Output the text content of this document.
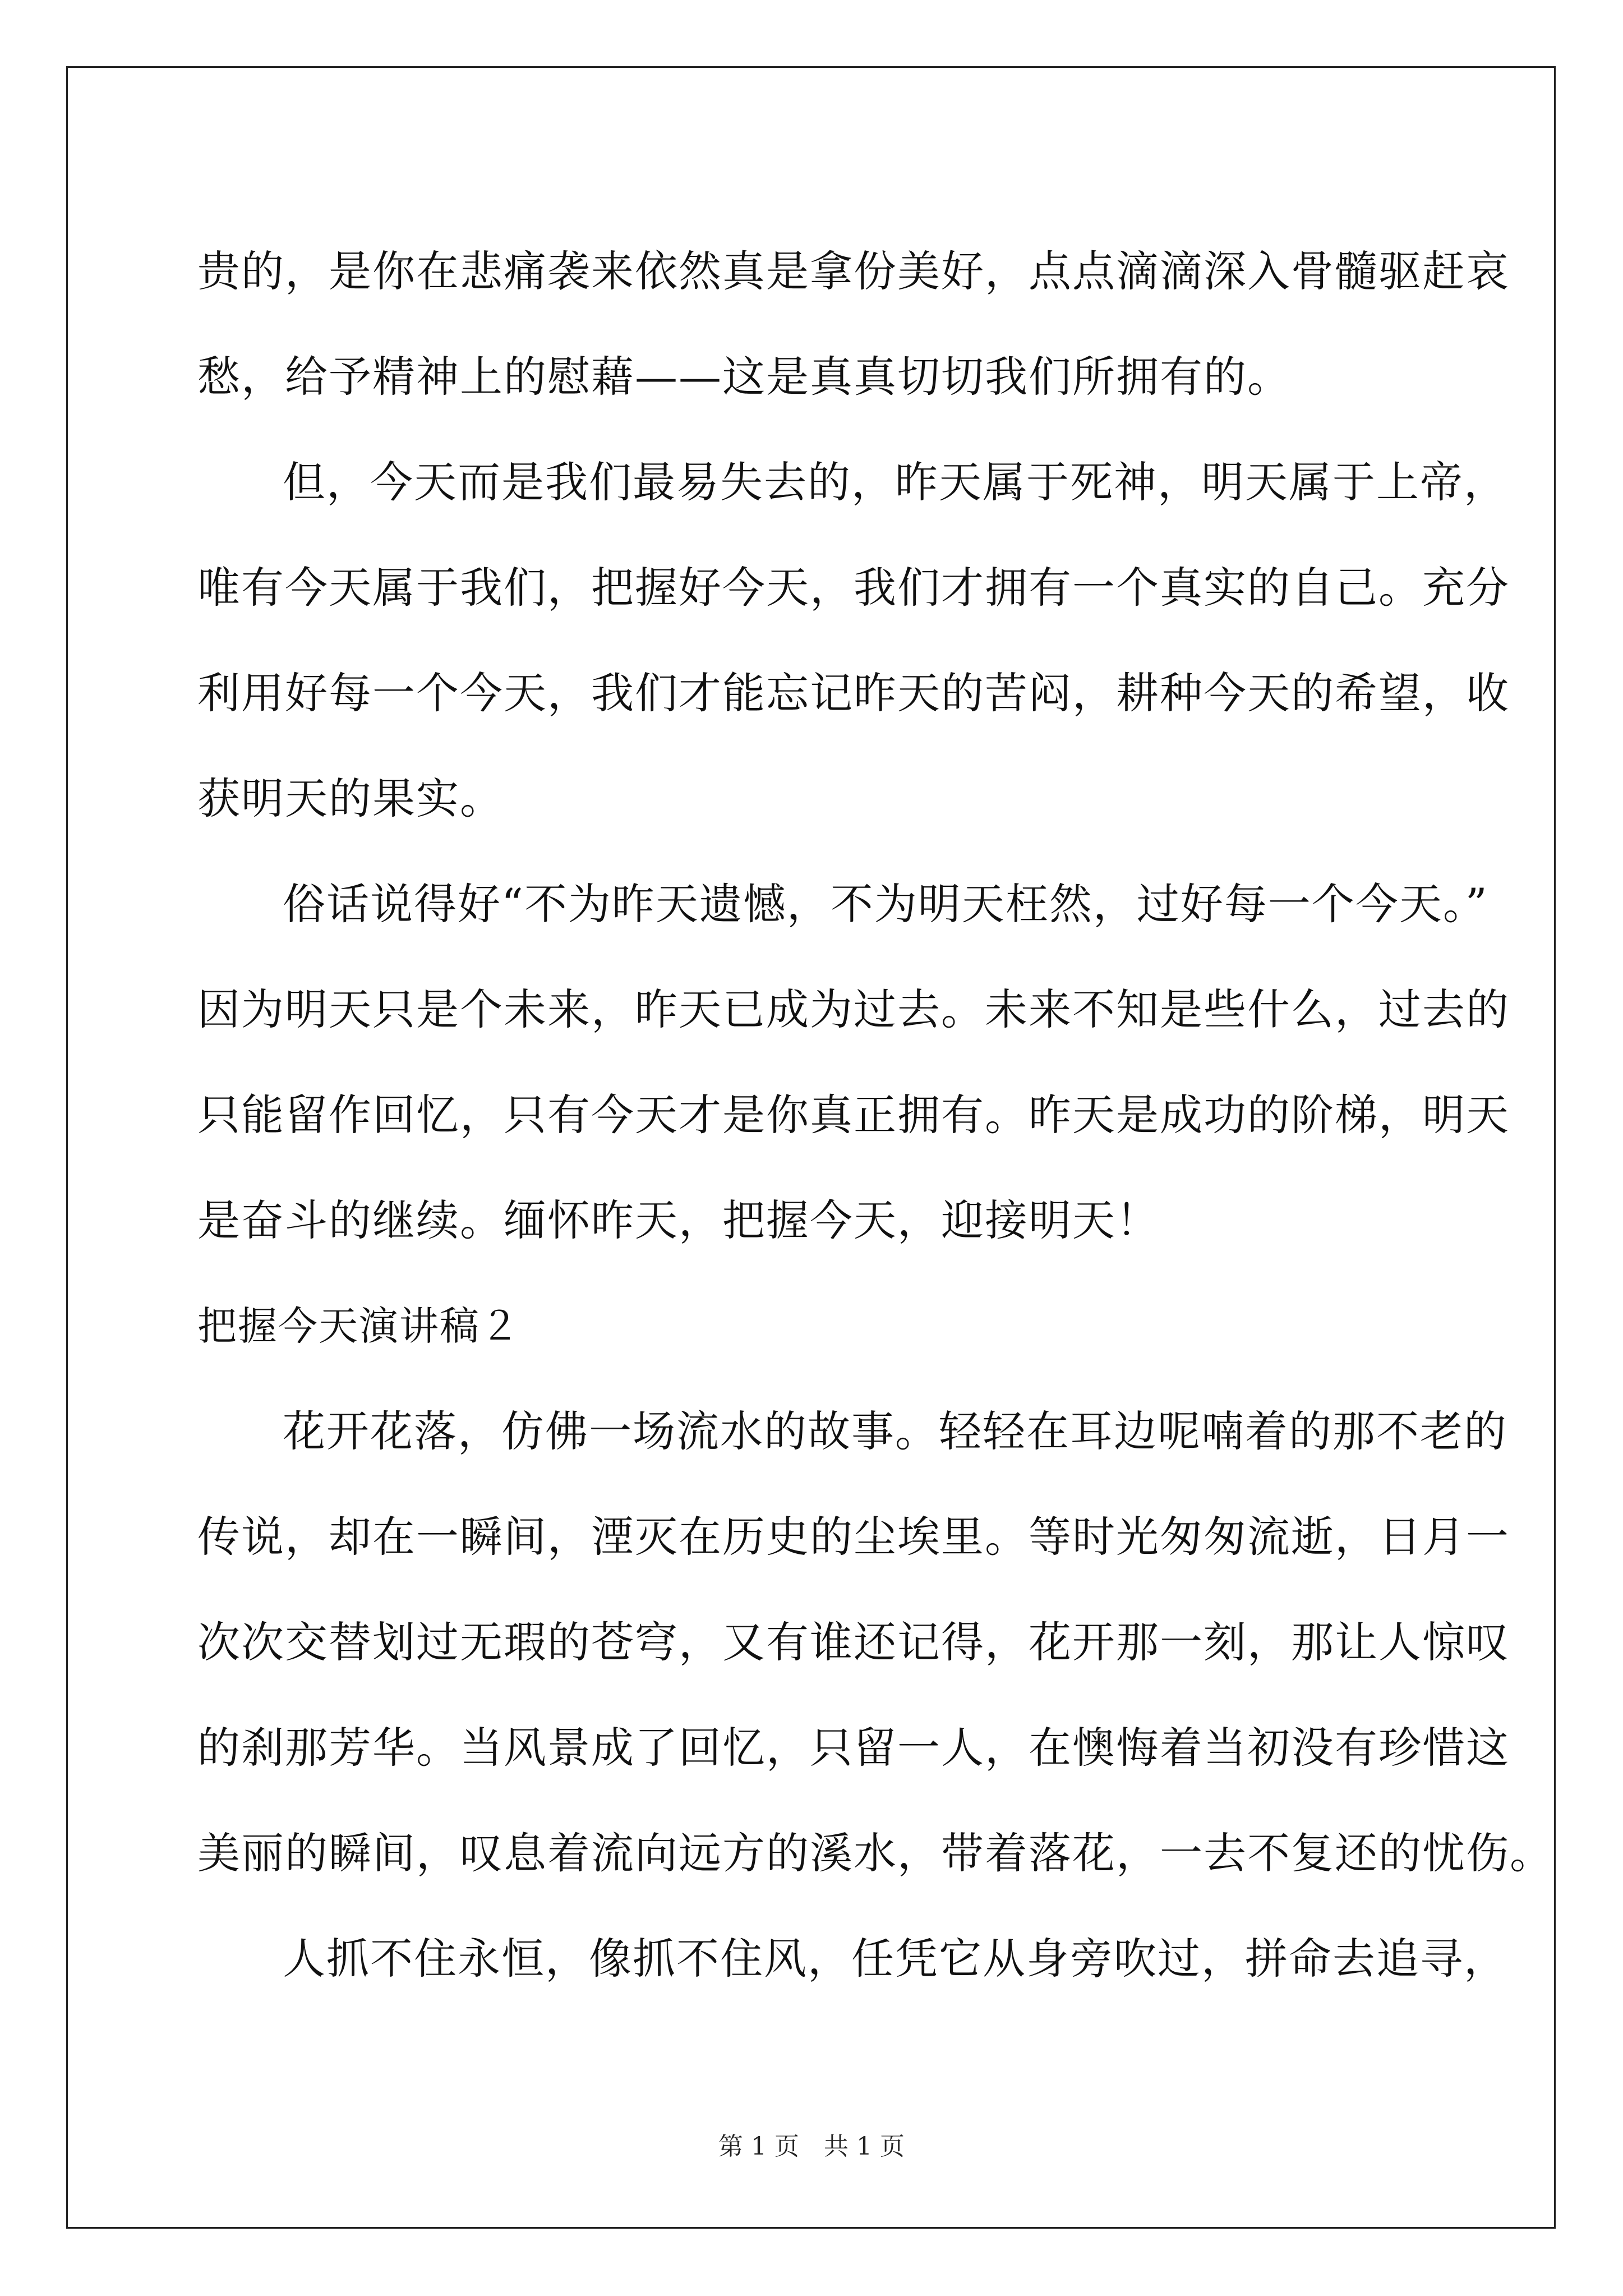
贵的，是你在悲痛袭来依然真是拿份美好，点点滴滴深入骨髓驱赶哀
愁，给予精神上的慰藉——这是真真切切我们所拥有的。
但，今天而是我们最易失去的，昨天属于死神，明天属于上帝，
唯有今天属于我们，把握好今天，我们才拥有一个真实的自己。充分
利用好每一个今天，我们才能忘记昨天的苦闷，耕种今天的希望，收
获明天的果实。
俗话说得好“不为昨天遗憾，不为明天枉然，过好每一个今天。”
因为明天只是个未来，昨天已成为过去。未来不知是些什么，过去的
只能留作回忆，只有今天才是你真正拥有。昨天是成功的阶梯，明天
是奋斗的继续。缅怀昨天，把握今天，迎接明天！
把握今天演讲稿２
花开花落，仿佛一场流水的故事。轻轻在耳边呢喃着的那不老的
传说，却在一瞬间，湮灭在历史的尘埃里。等时光匆匆流逝，日月一
次次交替划过无瑕的苍穹，又有谁还记得，花开那一刻，那让人惊叹
的刹那芳华。当风景成了回忆，只留一人，在懊悔着当初没有珍惜这
美丽的瞬间，叹息着流向远方的溪水，带着落花，一去不复还的忧伤。
人抓不住永恒，像抓不住风，任凭它从身旁吹过，拼命去追寻，
第 1 页　共 1 页
